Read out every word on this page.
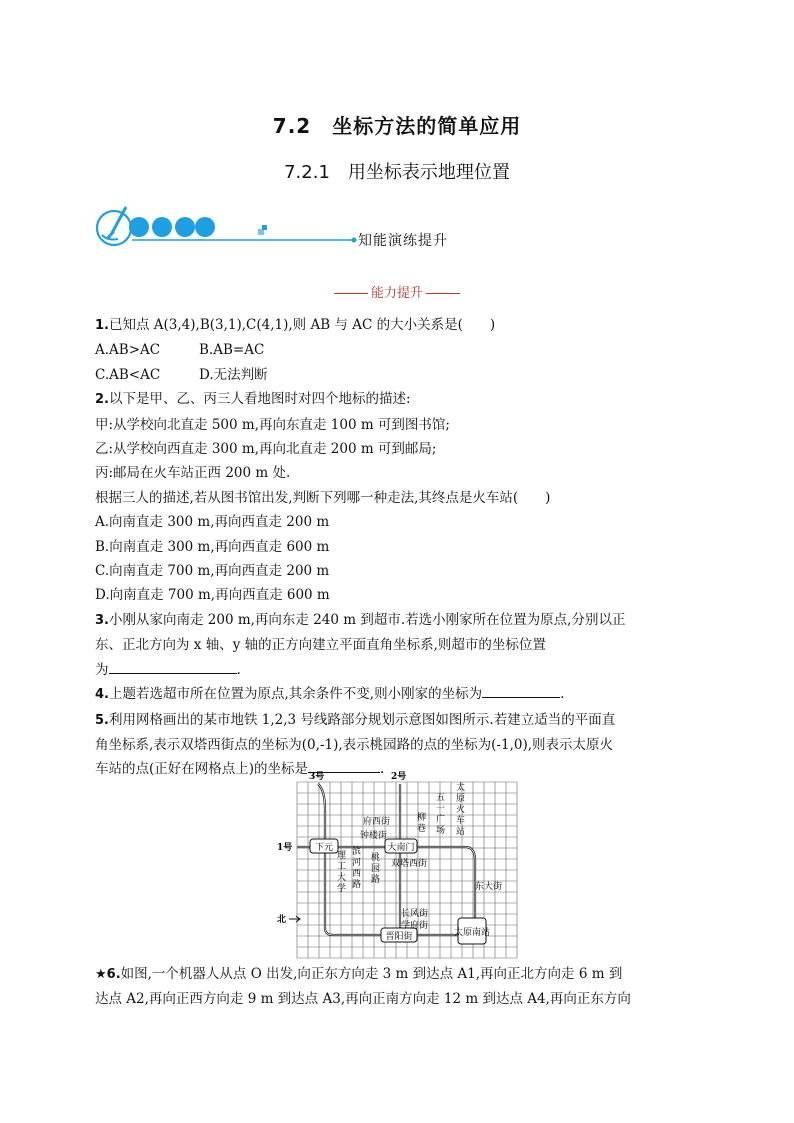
7.2　坐标方法的简单应用
7.2.1　用坐标表示地理位置
知能演练提升
能力提升
1.已知点 A(3,4),B(3,1),C(4,1),则 AB 与 AC 的大小关系是(　　)
A.AB>AC	B.AB=AC
C.AB<AC	D.无法判断
2.以下是甲、乙、丙三人看地图时对四个地标的描述:
甲:从学校向北直走 500 m,再向东直走 100 m 可到图书馆;
乙:从学校向西直走 300 m,再向北直走 200 m 可到邮局;
丙:邮局在火车站正西 200 m 处.
根据三人的描述,若从图书馆出发,判断下列哪一种走法,其终点是火车站(　　)
A.向南直走 300 m,再向西直走 200 m
B.向南直走 300 m,再向西直走 600 m
C.向南直走 700 m,再向西直走 200 m
D.向南直走 700 m,再向西直走 600 m
3.小刚从家向南走 200 m,再向东走 240 m 到超市.若选小刚家所在位置为原点,分别以正
东、正北方向为 x 轴、y 轴的正方向建立平面直角坐标系,则超市的坐标位置
为	.
4.上题若选超市所在位置为原点,其余条件不变,则小刚家的坐标为	.
5.利用网格画出的某市地铁 1,2,3 号线路部分规划示意图如图所示.若建立适当的平面直
角坐标系,表示双塔西街点的坐标为(0,-1),表示桃园路的点的坐标为(-1,0),则表示太原火
车站的点(正好在网格点上)的坐标是	.
下元	大南门
太原南站
晋阳街
3号	2号
1号
北
府西街
钟楼街
柳
巷
五
一
广
场
太
原
火
车
站
理
工
大
学
滨
河
西
路
桃
园
路
双塔西街
东大街
长风街
学府街
★6.如图,一个机器人从点 O 出发,向正东方向走 3 m 到达点 A1,再向正北方向走 6 m 到
达点 A2,再向正西方向走 9 m 到达点 A3,再向正南方向走 12 m 到达点 A4,再向正东方向
